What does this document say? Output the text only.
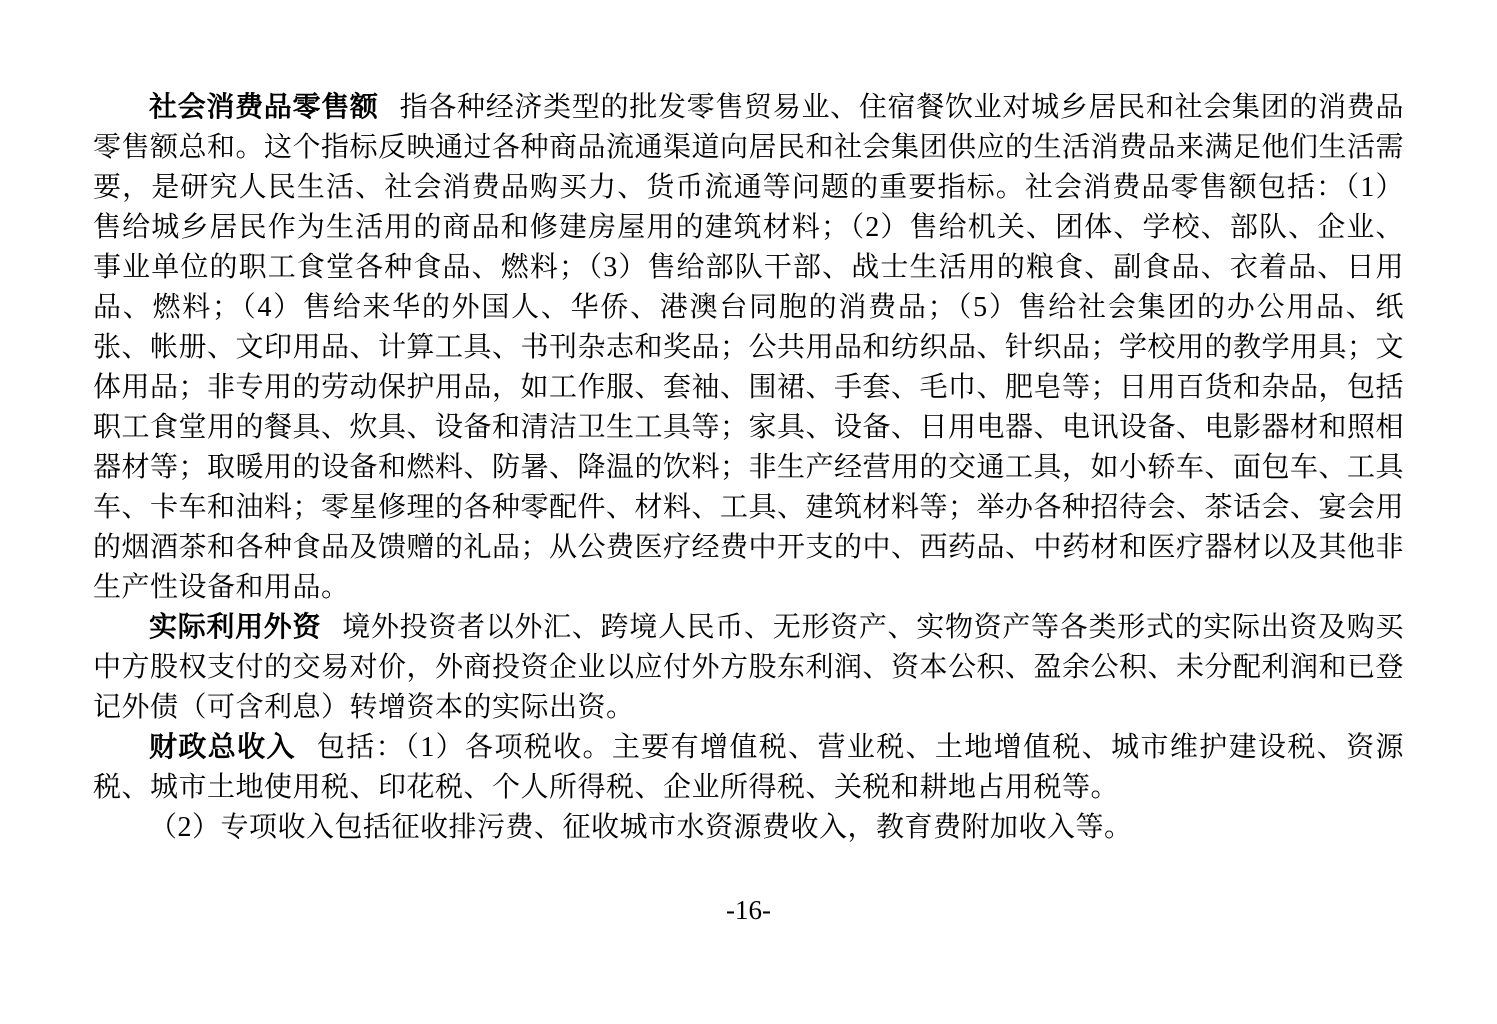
社会消费品零售额 指各种经济类型的批发零售贸易业、住宿餐饮业对城乡居民和社会集团的消费品零售额总和。这个指标反映通过各种商品流通渠道向居民和社会集团供应的生活消费品来满足他们生活需要，是研究人民生活、社会消费品购买力、货币流通等问题的重要指标。社会消费品零售额包括：（1）售给城乡居民作为生活用的商品和修建房屋用的建筑材料；（2）售给机关、团体、学校、部队、企业、事业单位的职工食堂各种食品、燃料；（3）售给部队干部、战士生活用的粮食、副食品、衣着品、日用品、燃料；（4）售给来华的外国人、华侨、港澳台同胞的消费品；（5）售给社会集团的办公用品、纸张、帐册、文印用品、计算工具、书刊杂志和奖品；公共用品和纺织品、针织品；学校用的教学用具；文体用品；非专用的劳动保护用品，如工作服、套袖、围裙、手套、毛巾、肥皂等；日用百货和杂品，包括职工食堂用的餐具、炊具、设备和清洁卫生工具等；家具、设备、日用电器、电讯设备、电影器材和照相器材等；取暖用的设备和燃料、防暑、降温的饮料；非生产经营用的交通工具，如小轿车、面包车、工具车、卡车和油料；零星修理的各种零配件、材料、工具、建筑材料等；举办各种招待会、茶话会、宴会用的烟酒茶和各种食品及馈赠的礼品；从公费医疗经费中开支的中、西药品、中药材和医疗器材以及其他非生产性设备和用品。

实际利用外资 境外投资者以外汇、跨境人民币、无形资产、实物资产等各类形式的实际出资及购买中方股权支付的交易对价，外商投资企业以应付外方股东利润、资本公积、盈余公积、未分配利润和已登记外债（可含利息）转增资本的实际出资。

财政总收入 包括：（1）各项税收。主要有增值税、营业税、土地增值税、城市维护建设税、资源税、城市土地使用税、印花税、个人所得税、企业所得税、关税和耕地占用税等。

（2）专项收入包括征收排污费、征收城市水资源费收入，教育费附加收入等。

-16-
